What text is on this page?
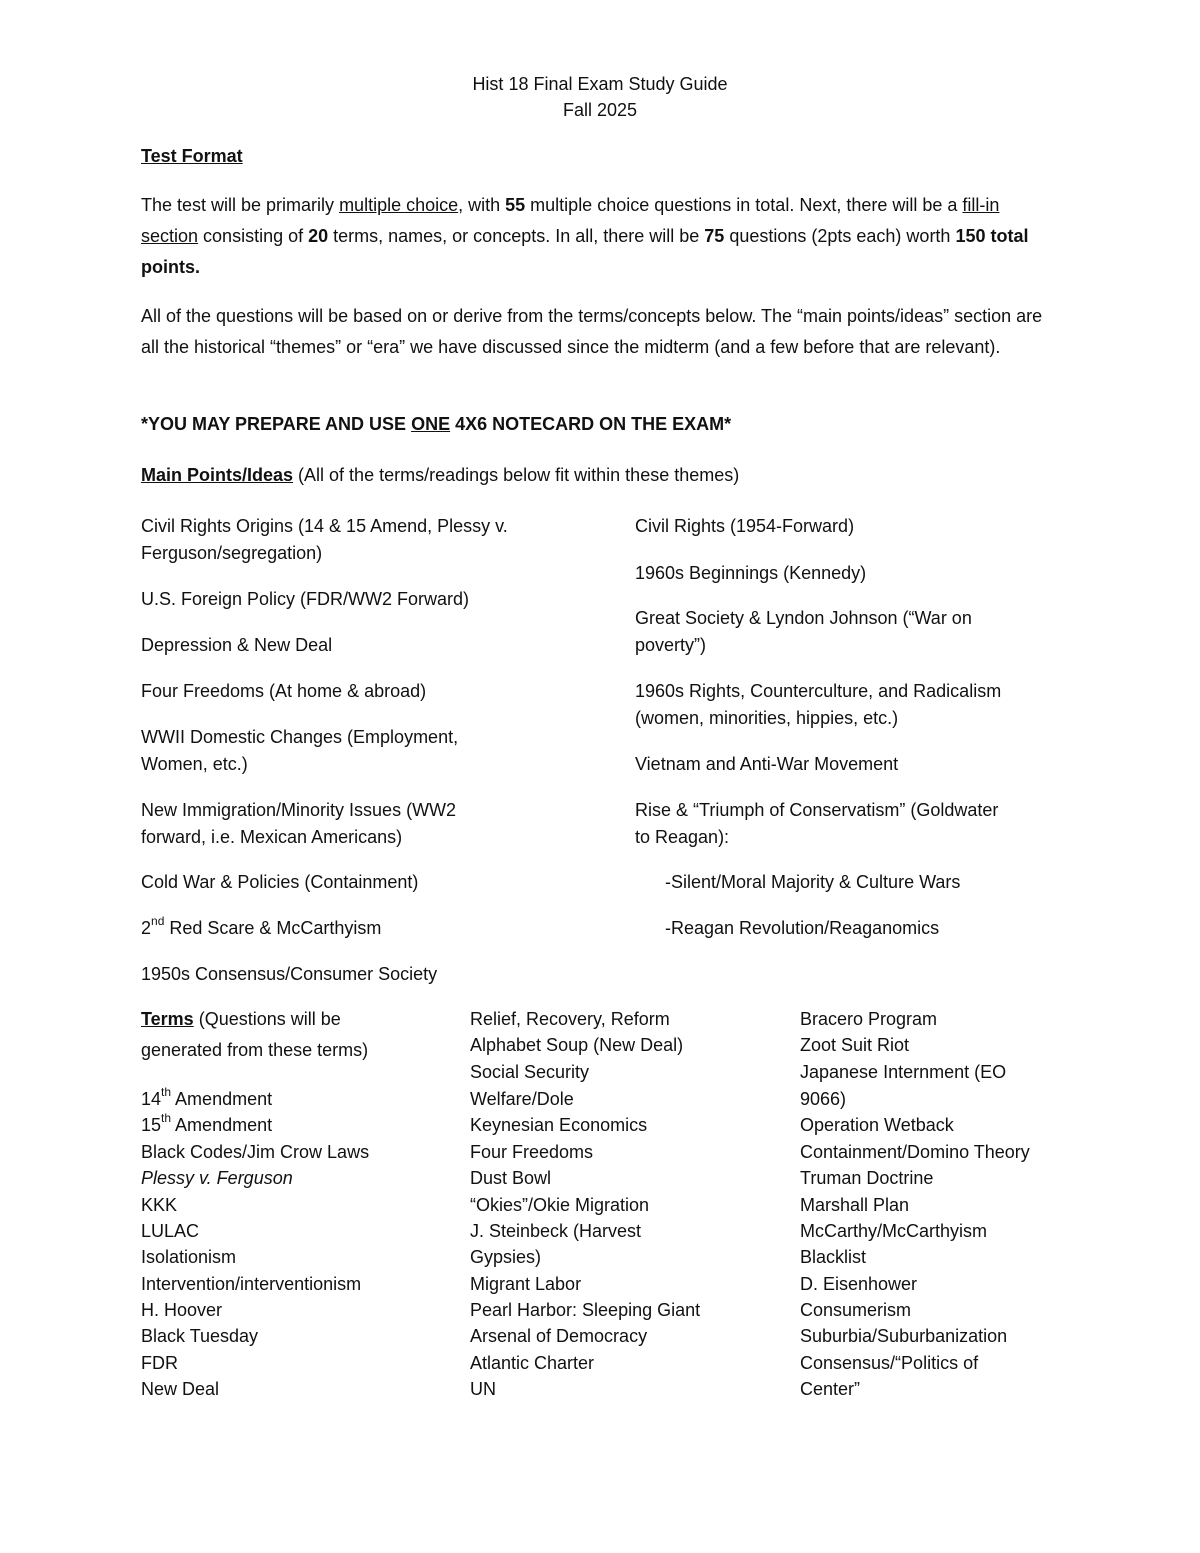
Hist 18 Final Exam Study Guide
Fall 2025
Test Format
The test will be primarily multiple choice, with 55 multiple choice questions in total. Next, there will be a fill-in section consisting of 20 terms, names, or concepts. In all, there will be 75 questions (2pts each) worth 150 total points.
All of the questions will be based on or derive from the terms/concepts below. The “main points/ideas” section are all the historical “themes” or “era” we have discussed since the midterm (and a few before that are relevant).
*YOU MAY PREPARE AND USE ONE 4X6 NOTECARD ON THE EXAM*
Main Points/Ideas (All of the terms/readings below fit within these themes)
Civil Rights Origins (14 & 15 Amend, Plessy v.
Ferguson/segregation)
U.S. Foreign Policy (FDR/WW2 Forward)
Depression & New Deal
Four Freedoms (At home & abroad)
WWII Domestic Changes (Employment,
Women, etc.)
New Immigration/Minority Issues (WW2
forward, i.e. Mexican Americans)
Cold War & Policies (Containment)
2nd Red Scare & McCarthyism
1950s Consensus/Consumer Society
Civil Rights (1954-Forward)
1960s Beginnings (Kennedy)
Great Society & Lyndon Johnson (“War on
poverty”)
1960s Rights, Counterculture, and Radicalism
(women, minorities, hippies, etc.)
Vietnam and Anti-War Movement
Rise & “Triumph of Conservatism” (Goldwater
to Reagan):
-Silent/Moral Majority & Culture Wars
-Reagan Revolution/Reaganomics
Terms (Questions will be
generated from these terms)
14th Amendment
15th Amendment
Black Codes/Jim Crow Laws
Plessy v. Ferguson
KKK
LULAC
Isolationism
Intervention/interventionism
H. Hoover
Black Tuesday
FDR
New Deal
Relief, Recovery, Reform
Alphabet Soup (New Deal)
Social Security
Welfare/Dole
Keynesian Economics
Four Freedoms
Dust Bowl
“Okies”/Okie Migration
J. Steinbeck (Harvest
Gypsies)
Migrant Labor
Pearl Harbor: Sleeping Giant
Arsenal of Democracy
Atlantic Charter
UN
Bracero Program
Zoot Suit Riot
Japanese Internment (EO
9066)
Operation Wetback
Containment/Domino Theory
Truman Doctrine
Marshall Plan
McCarthy/McCarthyism
Blacklist
D. Eisenhower
Consumerism
Suburbia/Suburbanization
Consensus/“Politics of
Center”
